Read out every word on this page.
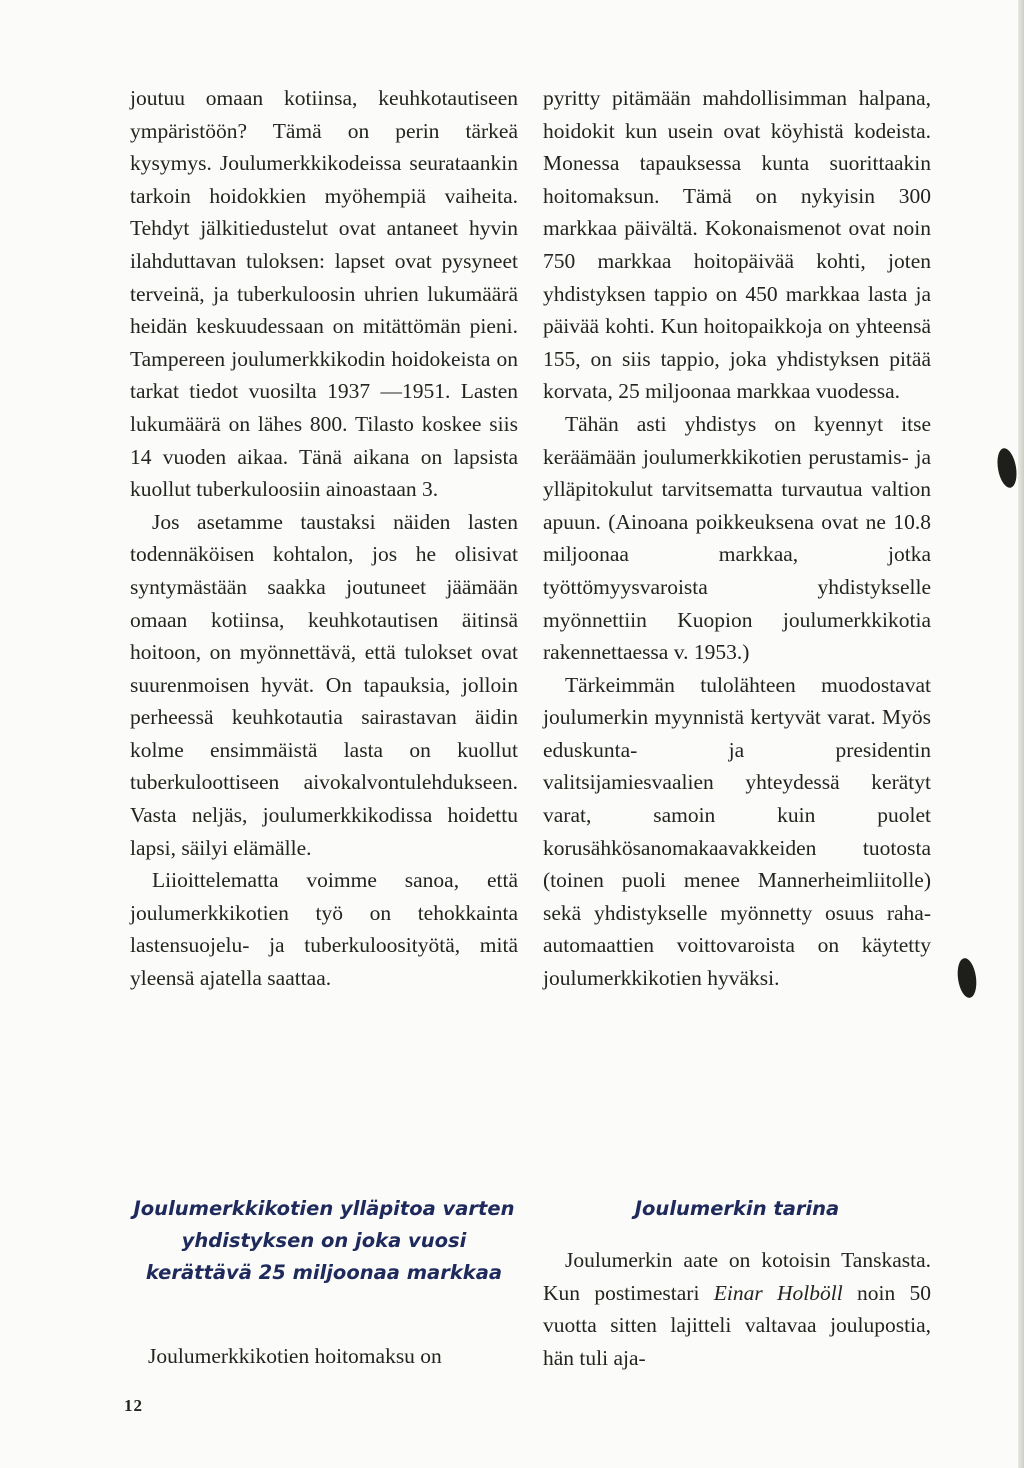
joutuu omaan kotiinsa, keuhkotautiseen ympäristöön? Tämä on perin tärkeä kysymys. Joulumerkkikodeissa seurataankin tarkoin hoidokkien myöhempiä vaiheita. Tehdyt jälkitiedustelut ovat antaneet hyvin ilahduttavan tuloksen: lapset ovat pysyneet terveinä, ja tuberkuloosin uhrien lukumäärä heidän keskuudessaan on mitättömän pieni. Tampereen joulumerkkikodin hoidokeista on tarkat tiedot vuosilta 1937 —1951. Lasten lukumäärä on lähes 800. Tilasto koskee siis 14 vuoden aikaa. Tänä aikana on lapsista kuollut tuberkuloosiin ainoastaan 3.

Jos asetamme taustaksi näiden lasten todennäköisen kohtalon, jos he olisivat syntymästään saakka joutuneet jäämään omaan kotiinsa, keuhkotautisen äitinsä hoitoon, on myönnettävä, että tulokset ovat suurenmoisen hyvät. On tapauksia, jolloin perheessä keuhkotautia sairastavan äidin kolme ensimmäistä lasta on kuollut tuberkuloottiseen aivokalvontulehdukseen. Vasta neljäs, joulumerkkikodissa hoidettu lapsi, säilyi elämälle.

Liioittelematta voimme sanoa, että joulumerkkikotien työ on tehokkainta lastensuojelu- ja tuberkuloosityötä, mitä yleensä ajatella saattaa.

pyritty pitämään mahdollisimman halpana, hoidokit kun usein ovat köyhistä kodeista. Monessa tapauksessa kunta suorittaakin hoitomaksun. Tämä on nykyisin 300 markkaa päivältä. Kokonaismenot ovat noin 750 markkaa hoitopäivää kohti, joten yhdistyksen tappio on 450 markkaa lasta ja päivää kohti. Kun hoitopaikkoja on yhteensä 155, on siis tappio, joka yhdistyksen pitää korvata, 25 miljoonaa markkaa vuodessa.

Tähän asti yhdistys on kyennyt itse keräämään joulumerkkikotien perustamis- ja ylläpitokulut tarvitsematta turvautua valtion apuun. (Ainoana poikkeuksena ovat ne 10.8 miljoonaa markkaa, jotka työttömyysvaroista yhdistykselle myönnettiin Kuopion joulumerkkikotia rakennettaessa v. 1953.)

Tärkeimmän tulolähteen muodostavat joulumerkin myynnistä kertyvät varat. Myös eduskunta- ja presidentin valitsijamiesvaalien yhteydessä kerätyt varat, samoin kuin puolet korusähkösanomakaavakkeiden tuotosta (toinen puoli menee Mannerheimliitolle) sekä yhdistykselle myönnetty osuus raha-automaattien voittovaroista on käytetty joulumerkkikotien hyväksi.

Joulumerkkikotien ylläpitoa varten yhdistyksen on joka vuosi kerättävä 25 miljoonaa markkaa
Joulumerkkikotien hoitomaksu on
Joulumerkin tarina
Joulumerkin aate on kotoisin Tanskasta. Kun postimestari Einar Holböll noin 50 vuotta sitten lajitteli valtavaa joulupostia, hän tuli aja-
12
